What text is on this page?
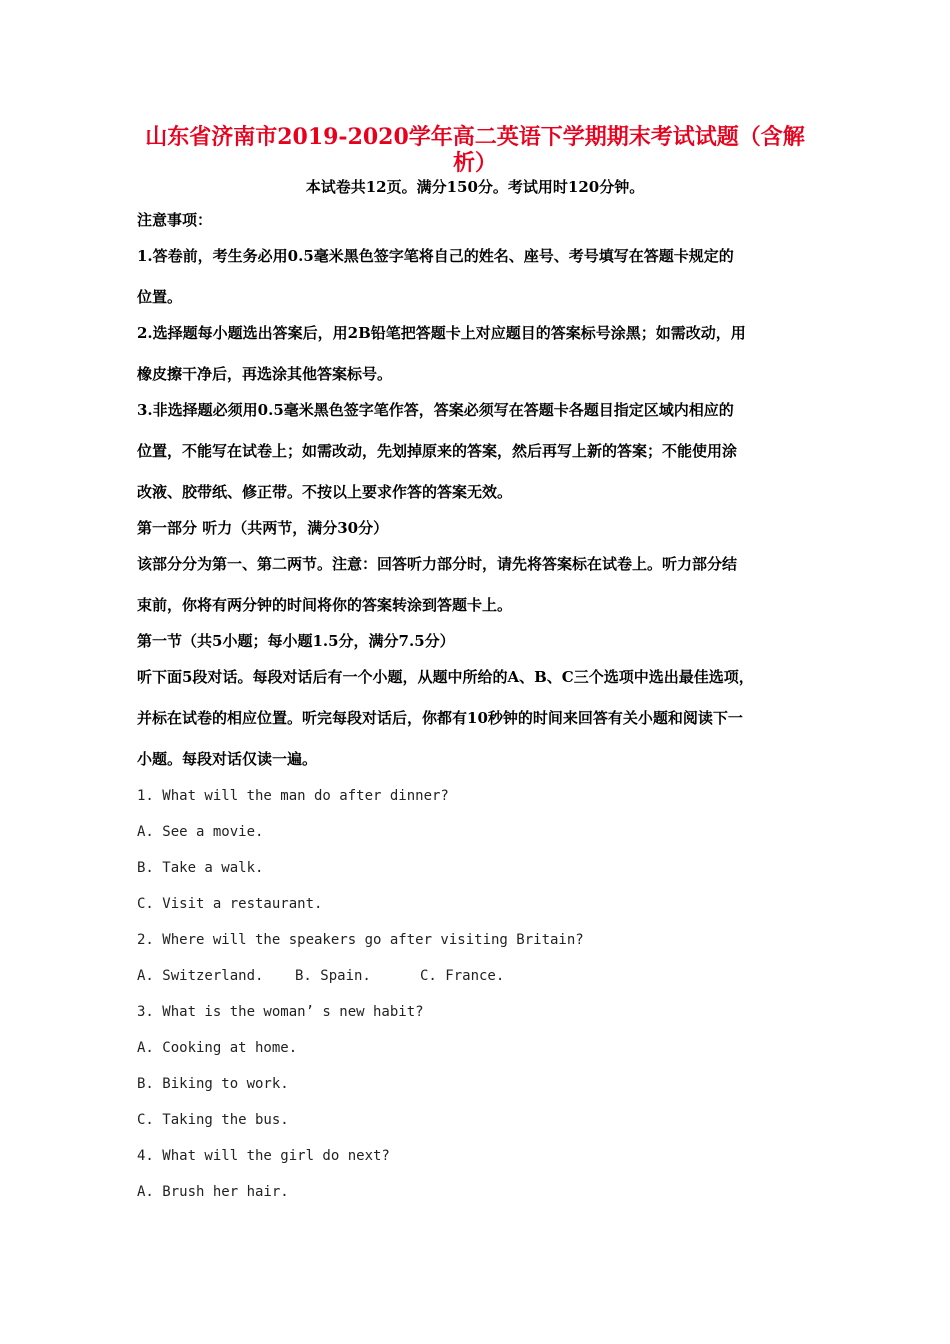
山东省济南市2019-2020学年高二英语下学期期末考试试题（含解
析）
本试卷共12页。满分150分。考试用时120分钟。
注意事项：
1.答卷前，考生务必用0.5毫米黑色签字笔将自己的姓名、座号、考号填写在答题卡规定的
位置。
2.选择题每小题选出答案后，用2B铅笔把答题卡上对应题目的答案标号涂黑；如需改动，用
橡皮擦干净后，再选涂其他答案标号。
3.非选择题必须用0.5毫米黑色签字笔作答，答案必须写在答题卡各题目指定区域内相应的
位置，不能写在试卷上；如需改动，先划掉原来的答案，然后再写上新的答案；不能使用涂
改液、胶带纸、修正带。不按以上要求作答的答案无效。
第一部分 听力（共两节，满分30分）
该部分分为第一、第二两节。注意：回答听力部分时，请先将答案标在试卷上。听力部分结
束前，你将有两分钟的时间将你的答案转涂到答题卡上。
第一节（共5小题；每小题1.5分，满分7.5分）
听下面5段对话。每段对话后有一个小题，从题中所给的A、B、C三个选项中选出最佳选项，
并标在试卷的相应位置。听完每段对话后，你都有10秒钟的时间来回答有关小题和阅读下一
小题。每段对话仅读一遍。
1. What will the man do after dinner?
A. See a movie.
B. Take a walk.
C. Visit a restaurant.
2. Where will the speakers go after visiting Britain?
A. Switzerland. B. Spain.	C. France.
3. What is the woman’ s new habit?
A. Cooking at home.
B. Biking to work.
C. Taking the bus.
4. What will the girl do next?
A. Brush her hair.
